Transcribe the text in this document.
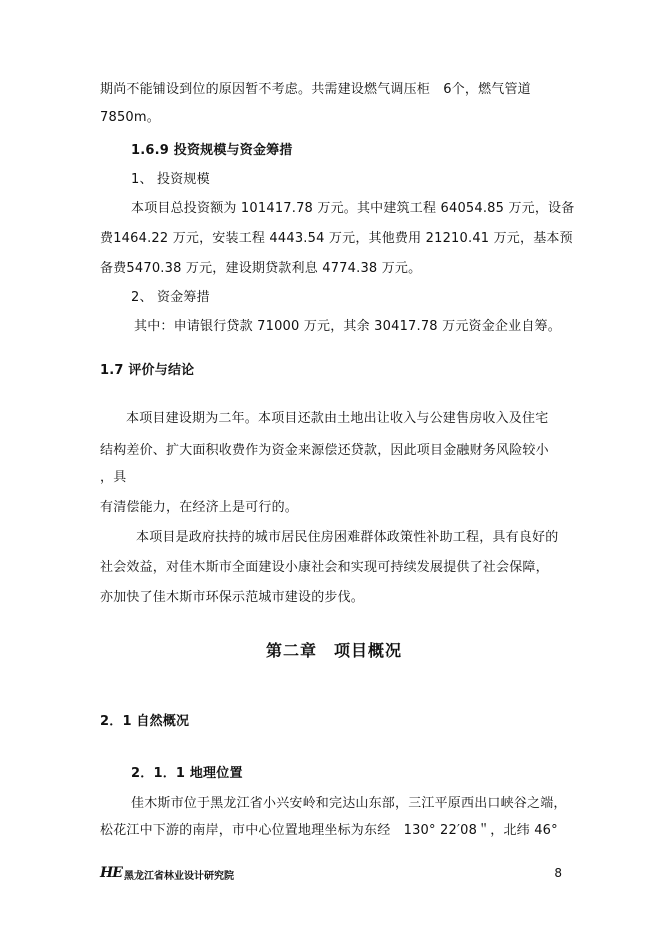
期尚不能铺设到位的原因暂不考虑。共需建设燃气调压柜　6个，燃气管道
7850m。
1.6.9 投资规模与资金筹措
1、 投资规模
本项目总投资额为 101417.78 万元。其中建筑工程 64054.85 万元，设备
费1464.22 万元，安装工程 4443.54 万元，其他费用 21210.41 万元，基本预
备费5470.38 万元，建设期贷款利息 4774.38 万元。
2、 资金筹措
其中：申请银行贷款 71000 万元，其余 30417.78 万元资金企业自筹。
1.7 评价与结论
本项目建设期为二年。本项目还款由土地出让收入与公建售房收入及住宅
结构差价、扩大面积收费作为资金来源偿还贷款，因此项目金融财务风险较小
，具
有清偿能力，在经济上是可行的。
本项目是政府扶持的城市居民住房困难群体政策性补助工程，具有良好的
社会效益，对佳木斯市全面建设小康社会和实现可持续发展提供了社会保障，
亦加快了佳木斯市环保示范城市建设的步伐。
第二章　项目概况
2．1 自然概况
2．1．1 地理位置
佳木斯市位于黑龙江省小兴安岭和完达山东部，三江平原西出口峡谷之端，
松花江中下游的南岸，市中心位置地理坐标为东经　130° 22′08＂，北纬 46°
HE 黑龙江省林业设计研究院	8
